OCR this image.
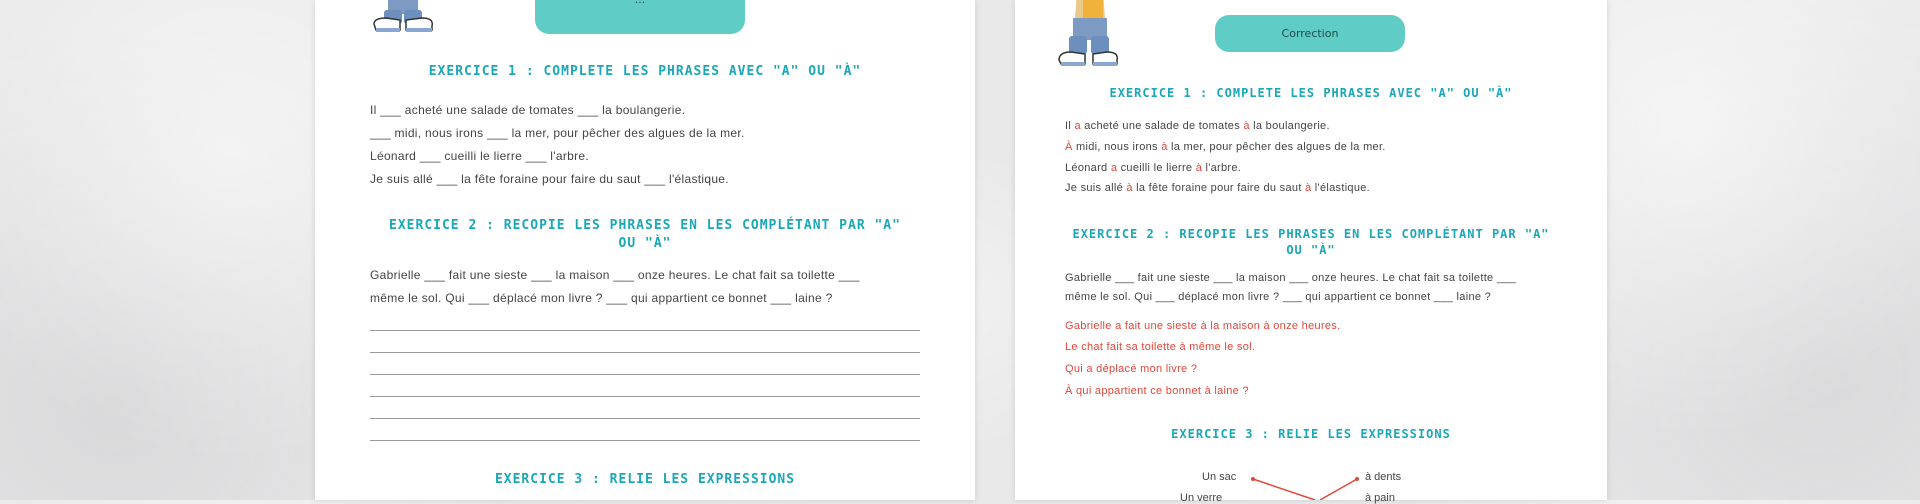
EXERCICE 1 : COMPLETE LES PHRASES AVEC "A" OU "À"
Il ___ acheté une salade de tomates ___ la boulangerie.
___ midi, nous irons ___ la mer, pour pêcher des algues de la mer.
Léonard ___ cueilli le lierre ___ l'arbre.
Je suis allé ___ la fête foraine pour faire du saut ___ l'élastique.
EXERCICE 2 : RECOPIE LES PHRASES EN LES COMPLÉTANT PAR "A"
OU "À"
Gabrielle ___ fait une sieste ___ la maison ___ onze heures. Le chat fait sa toilette ___
même le sol. Qui ___ déplacé mon livre ? ___ qui appartient ce bonnet ___ laine ?
EXERCICE 3 : RELIE LES EXPRESSIONS
Correction
EXERCICE 1 : COMPLETE LES PHRASES AVEC "A" OU "À"
Il a acheté une salade de tomates à la boulangerie.
À midi, nous irons à la mer, pour pêcher des algues de la mer.
Léonard a cueilli le lierre à l'arbre.
Je suis allé à la fête foraine pour faire du saut à l'élastique.
EXERCICE 2 : RECOPIE LES PHRASES EN LES COMPLÉTANT PAR "A"
OU "À"
Gabrielle ___ fait une sieste ___ la maison ___ onze heures. Le chat fait sa toilette ___
même le sol. Qui ___ déplacé mon livre ? ___ qui appartient ce bonnet ___ laine ?
Gabrielle a fait une sieste à la maison à onze heures.
Le chat fait sa toilette à même le sol.
Qui a déplacé mon livre ?
À qui appartient ce bonnet à laine ?
EXERCICE 3 : RELIE LES EXPRESSIONS
Un sac
Un verre
à dents
à pain
